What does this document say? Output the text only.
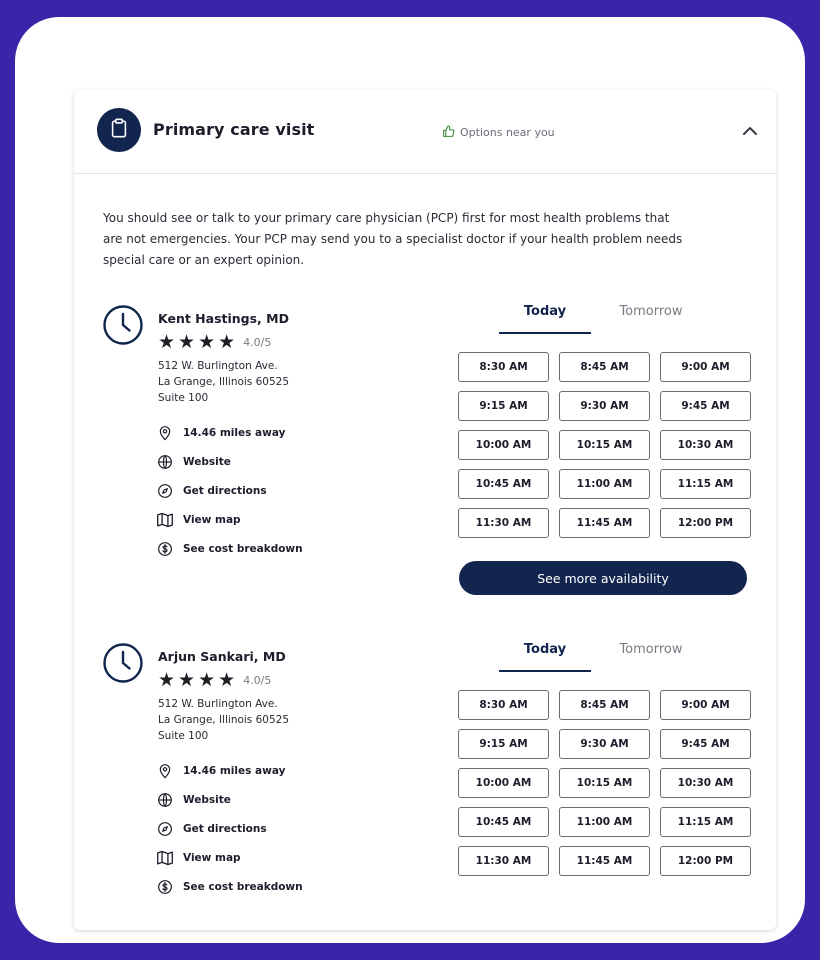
Primary care visit	Options near you

You should see or talk to your primary care physician (PCP) first for most health problems that are not emergencies. Your PCP may send you to a specialist doctor if your health problem needs special care or an expert opinion.

Kent Hastings, MD
★ ★ ★ ★ 4.0/5
512 W. Burlington Ave.
La Grange, Illinois 60525
Suite 100
14.46 miles away
Website
Get directions
View map
See cost breakdown
Today	Tomorrow
8:30 AM	8:45 AM	9:00 AM
9:15 AM	9:30 AM	9:45 AM
10:00 AM	10:15 AM	10:30 AM
10:45 AM	11:00 AM	11:15 AM
11:30 AM	11:45 AM	12:00 PM
See more availability
Arjun Sankari, MD
★ ★ ★ ★ 4.0/5
512 W. Burlington Ave.
La Grange, Illinois 60525
Suite 100
14.46 miles away
Website
Get directions
View map
See cost breakdown
Today	Tomorrow
8:30 AM	8:45 AM	9:00 AM
9:15 AM	9:30 AM	9:45 AM
10:00 AM	10:15 AM	10:30 AM
10:45 AM	11:00 AM	11:15 AM
11:30 AM	11:45 AM	12:00 PM
